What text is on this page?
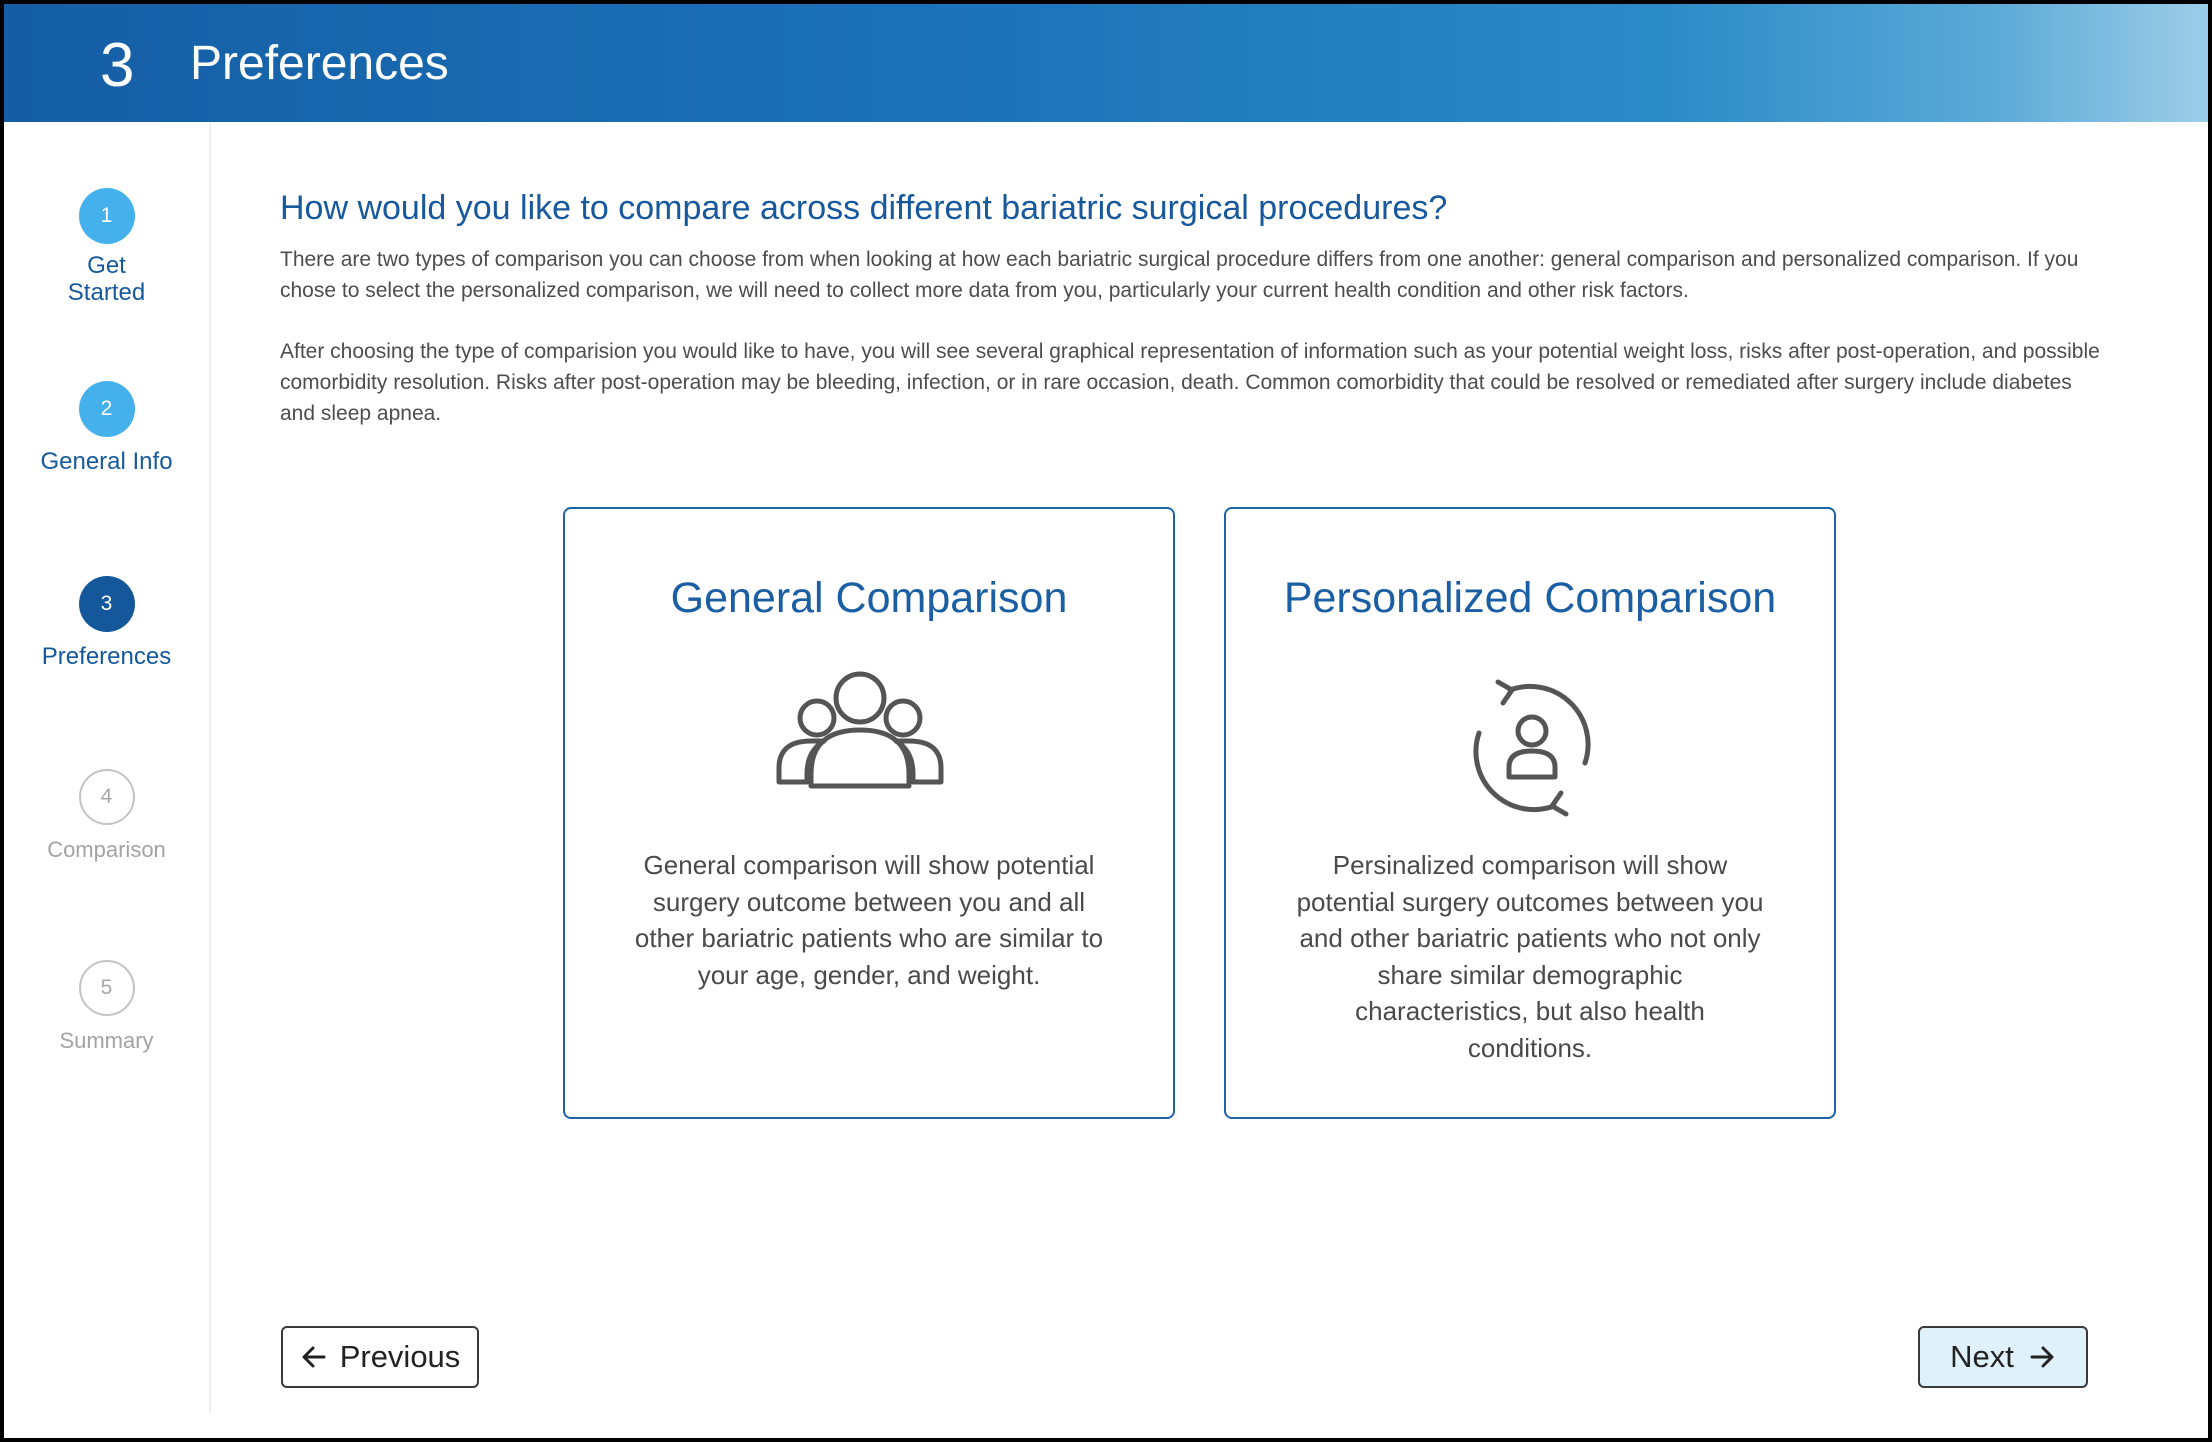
3 Preferences
1
Get Started
2
General Info
3
Preferences
4
Comparison
5
Summary
How would you like to compare across different bariatric surgical procedures?

There are two types of comparison you can choose from when looking at how each bariatric surgical procedure differs from one another: general comparison and personalized comparison. If you chose to select the personalized comparison, we will need to collect more data from you, particularly your current health condition and other risk factors.

After choosing the type of comparision you would like to have, you will see several graphical representation of information such as your potential weight loss, risks after post-operation, and possible comorbidity resolution. Risks after post-operation may be bleeding, infection, or in rare occasion, death. Common comorbidity that could be resolved or remediated after surgery include diabetes and sleep apnea.

General Comparison
General comparison will show potential surgery outcome between you and all other bariatric patients who are similar to your age, gender, and weight.
Personalized Comparison
Persinalized comparison will show potential surgery outcomes between you and other bariatric patients who not only share similar demographic characteristics, but also health conditions.
Previous	Next
